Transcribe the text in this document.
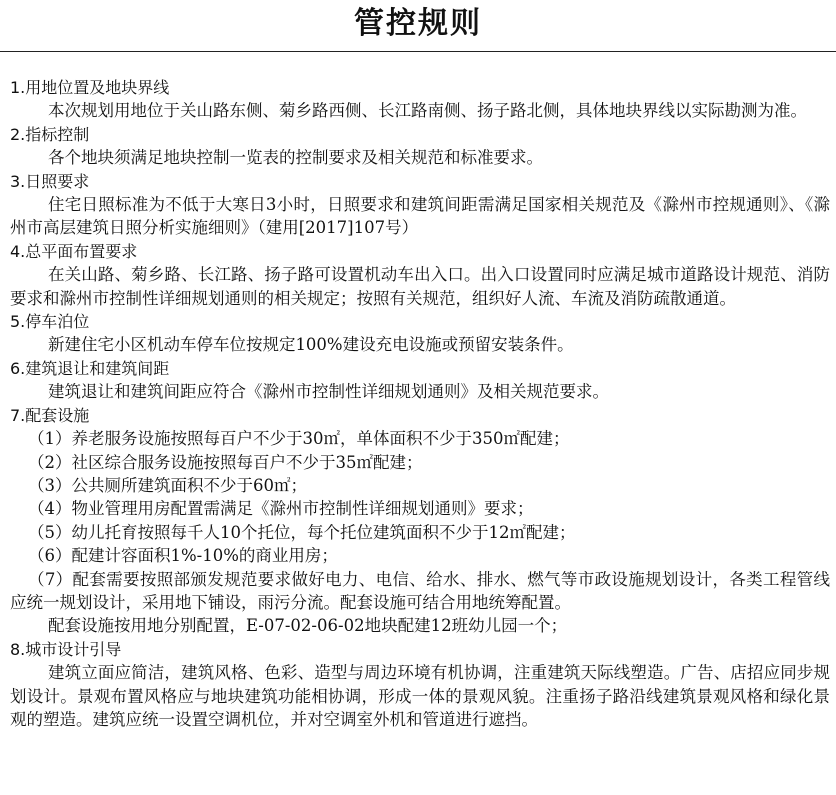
管控规则
1.用地位置及地块界线
本次规划用地位于关山路东侧、菊乡路西侧、长江路南侧、扬子路北侧，具体地块界线以实际勘测为准。
2.指标控制
各个地块须满足地块控制一览表的控制要求及相关规范和标准要求。
3.日照要求
住宅日照标准为不低于大寒日3小时，日照要求和建筑间距需满足国家相关规范及《滁州市控规通则》、《滁州市高层建筑日照分析实施细则》（建用[2017]107号）
4.总平面布置要求
在关山路、菊乡路、长江路、扬子路可设置机动车出入口。出入口设置同时应满足城市道路设计规范、消防要求和滁州市控制性详细规划通则的相关规定；按照有关规范，组织好人流、车流及消防疏散通道。
5.停车泊位
新建住宅小区机动车停车位按规定100%建设充电设施或预留安装条件。
6.建筑退让和建筑间距
建筑退让和建筑间距应符合《滁州市控制性详细规划通则》及相关规范要求。
7.配套设施
（1）养老服务设施按照每百户不少于30㎡，单体面积不少于350㎡配建；
（2）社区综合服务设施按照每百户不少于35㎡配建；
（3）公共厕所建筑面积不少于60㎡；
（4）物业管理用房配置需满足《滁州市控制性详细规划通则》要求；
（5）幼儿托育按照每千人10个托位，每个托位建筑面积不少于12㎡配建；
（6）配建计容面积1%-10%的商业用房；
（7）配套需要按照部颁发规范要求做好电力、电信、给水、排水、燃气等市政设施规划设计，各类工程管线应统一规划设计，采用地下铺设，雨污分流。配套设施可结合用地统筹配置。
配套设施按用地分别配置，E-07-02-06-02地块配建12班幼儿园一个；
8.城市设计引导
建筑立面应简洁，建筑风格、色彩、造型与周边环境有机协调，注重建筑天际线塑造。广告、店招应同步规划设计。景观布置风格应与地块建筑功能相协调，形成一体的景观风貌。注重扬子路沿线建筑景观风格和绿化景观的塑造。建筑应统一设置空调机位，并对空调室外机和管道进行遮挡。
